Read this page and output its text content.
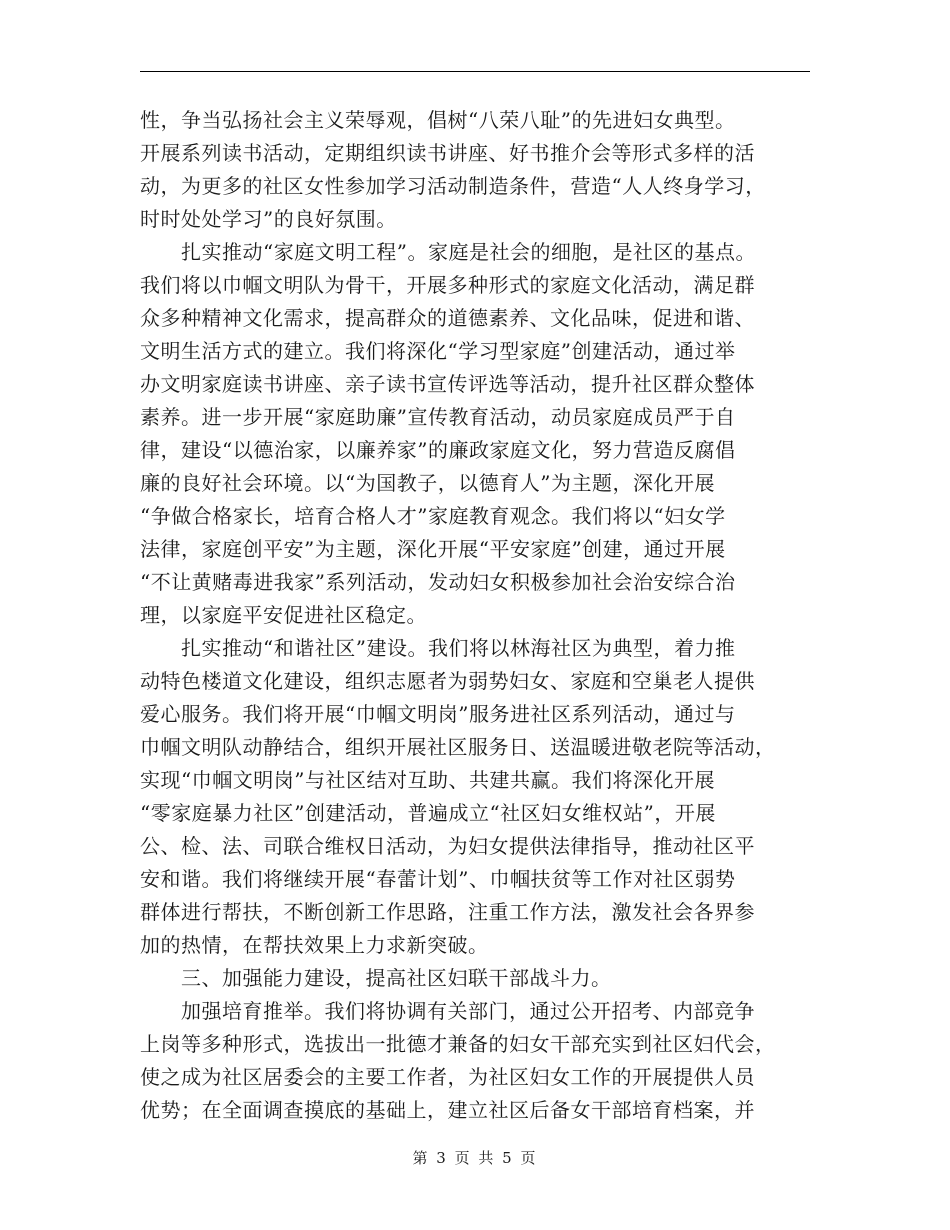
性，争当弘扬社会主义荣辱观，倡树“八荣八耻”的先进妇女典型。
开展系列读书活动，定期组织读书讲座、好书推介会等形式多样的活
动，为更多的社区女性参加学习活动制造条件，营造“人人终身学习，
时时处处学习”的良好氛围。
　　扎实推动“家庭文明工程”。家庭是社会的细胞，是社区的基点。
我们将以巾帼文明队为骨干，开展多种形式的家庭文化活动，满足群
众多种精神文化需求，提高群众的道德素养、文化品味，促进和谐、
文明生活方式的建立。我们将深化“学习型家庭”创建活动，通过举
办文明家庭读书讲座、亲子读书宣传评选等活动，提升社区群众整体
素养。进一步开展“家庭助廉”宣传教育活动，动员家庭成员严于自
律，建设“以德治家，以廉养家”的廉政家庭文化，努力营造反腐倡
廉的良好社会环境。以“为国教子，以德育人”为主题，深化开展
“争做合格家长，培育合格人才”家庭教育观念。我们将以“妇女学
法律，家庭创平安”为主题，深化开展“平安家庭”创建，通过开展
“不让黄赌毒进我家”系列活动，发动妇女积极参加社会治安综合治
理，以家庭平安促进社区稳定。
　　扎实推动“和谐社区”建设。我们将以林海社区为典型，着力推
动特色楼道文化建设，组织志愿者为弱势妇女、家庭和空巢老人提供
爱心服务。我们将开展“巾帼文明岗”服务进社区系列活动，通过与
巾帼文明队动静结合，组织开展社区服务日、送温暖进敬老院等活动，
实现“巾帼文明岗”与社区结对互助、共建共赢。我们将深化开展
“零家庭暴力社区”创建活动，普遍成立“社区妇女维权站”，开展
公、检、法、司联合维权日活动，为妇女提供法律指导，推动社区平
安和谐。我们将继续开展“春蕾计划”、巾帼扶贫等工作对社区弱势
群体进行帮扶，不断创新工作思路，注重工作方法，激发社会各界参
加的热情，在帮扶效果上力求新突破。
　　三、加强能力建设，提高社区妇联干部战斗力。
　　加强培育推举。我们将协调有关部门，通过公开招考、内部竞争
上岗等多种形式，选拔出一批德才兼备的妇女干部充实到社区妇代会，
使之成为社区居委会的主要工作者，为社区妇女工作的开展提供人员
优势；在全面调查摸底的基础上，建立社区后备女干部培育档案，并
第 3 页 共 5 页
